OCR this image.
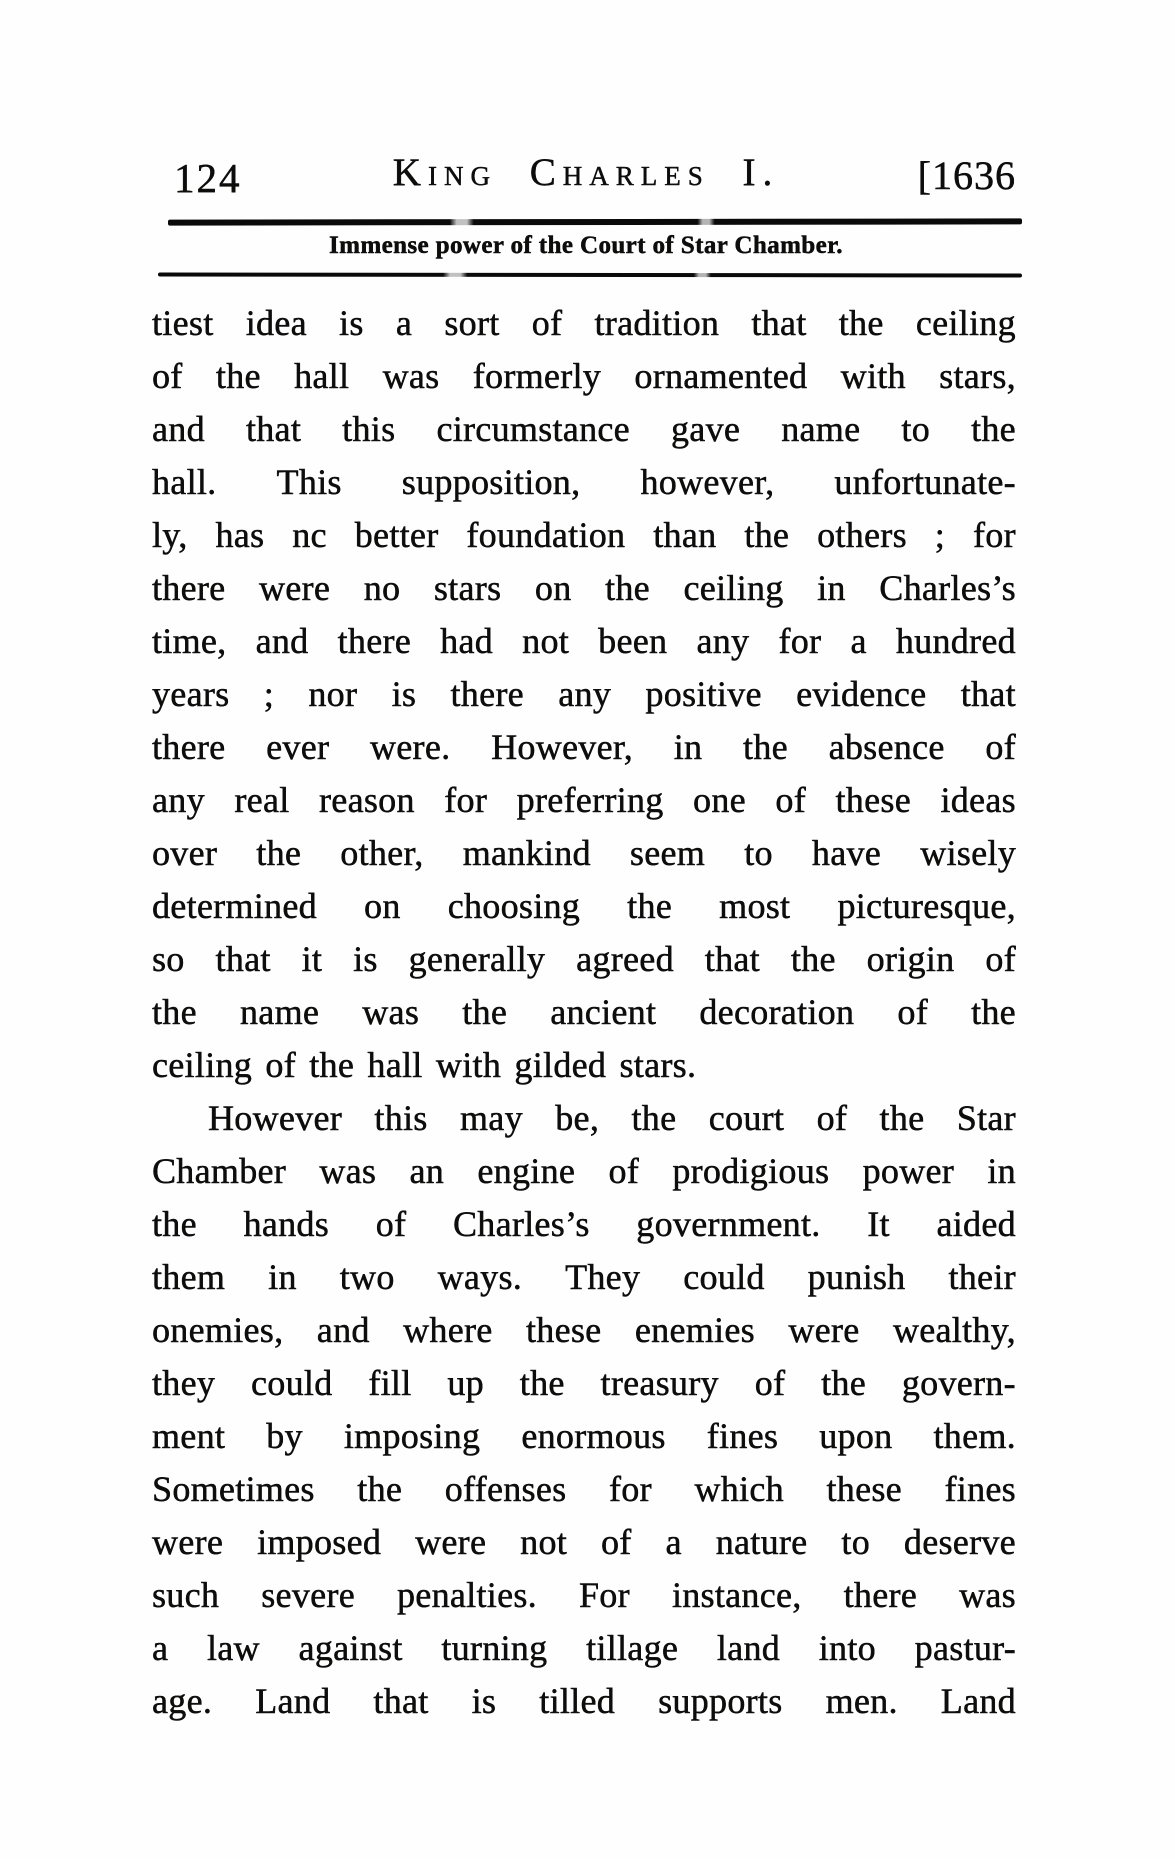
124	King Charles I.	[1636
Immense power of the Court of Star Chamber.
tiest idea is a sort of tradition that the ceiling
of the hall was formerly ornamented with stars,
and that this circumstance gave name to the
hall. This supposition, however, unfortunate-
ly, has nc better foundation than the others ; for
there were no stars on the ceiling in Charles’s
time, and there had not been any for a hundred
years ; nor is there any positive evidence that
there ever were. However, in the absence of
any real reason for preferring one of these ideas
over the other, mankind seem to have wisely
determined on choosing the most picturesque,
so that it is generally agreed that the origin of
the name was the ancient decoration of the
ceiling of the hall with gilded stars.
However this may be, the court of the Star
Chamber was an engine of prodigious power in
the hands of Charles’s government. It aided
them in two ways. They could punish their
onemies, and where these enemies were wealthy,
they could fill up the treasury of the govern-
ment by imposing enormous fines upon them.
Sometimes the offenses for which these fines
were imposed were not of a nature to deserve
such severe penalties. For instance, there was
a law against turning tillage land into pastur-
age. Land that is tilled supports men. Land
